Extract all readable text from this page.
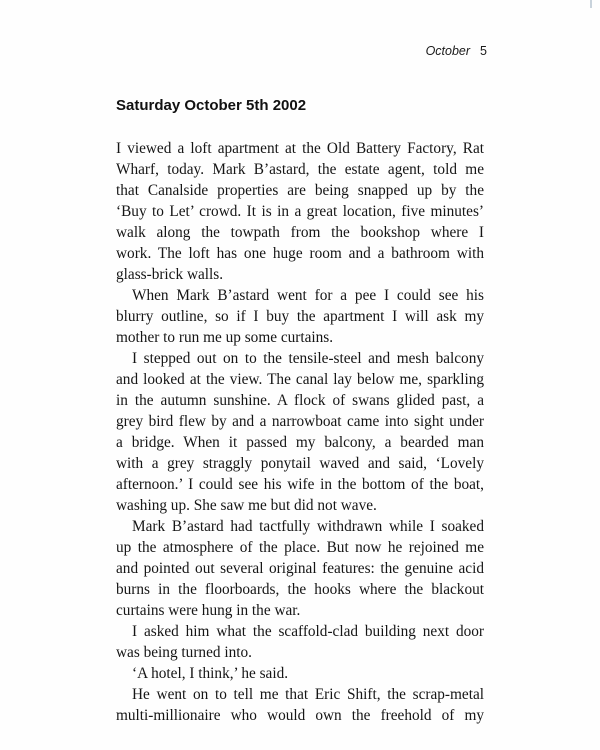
October 5
Saturday October 5th 2002
I viewed a loft apartment at the Old Battery Factory, Rat
Wharf, today. Mark B’astard, the estate agent, told me
that Canalside properties are being snapped up by the
‘Buy to Let’ crowd. It is in a great location, five minutes’
walk along the towpath from the bookshop where I
work. The loft has one huge room and a bathroom with
glass-brick walls.
When Mark B’astard went for a pee I could see his
blurry outline, so if I buy the apartment I will ask my
mother to run me up some curtains.
I stepped out on to the tensile-steel and mesh balcony
and looked at the view. The canal lay below me, sparkling
in the autumn sunshine. A flock of swans glided past, a
grey bird flew by and a narrowboat came into sight under
a bridge. When it passed my balcony, a bearded man
with a grey straggly ponytail waved and said, ‘Lovely
afternoon.’ I could see his wife in the bottom of the boat,
washing up. She saw me but did not wave.
Mark B’astard had tactfully withdrawn while I soaked
up the atmosphere of the place. But now he rejoined me
and pointed out several original features: the genuine acid
burns in the floorboards, the hooks where the blackout
curtains were hung in the war.
I asked him what the scaffold-clad building next door
was being turned into.
‘A hotel, I think,’ he said.
He went on to tell me that Eric Shift, the scrap-metal
multi-millionaire who would own the freehold of my
